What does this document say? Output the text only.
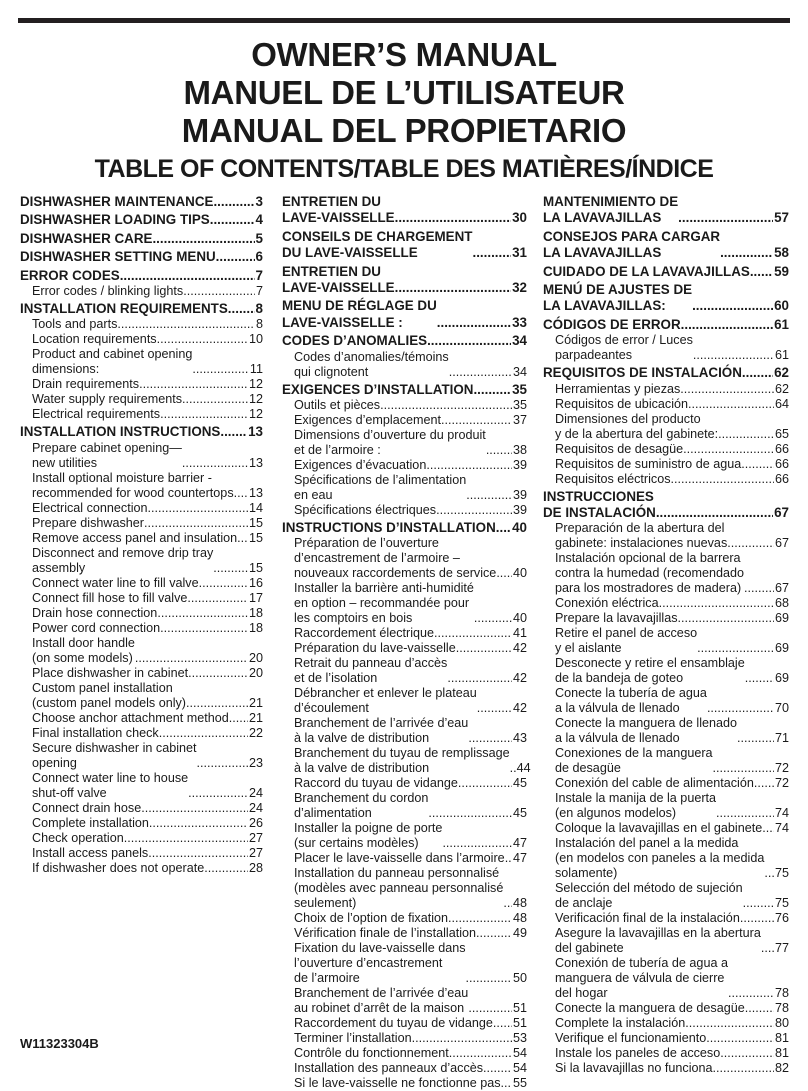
OWNER’S MANUAL
MANUEL DE L’UTILISATEUR
MANUAL DEL PROPIETARIO
TABLE OF CONTENTS/TABLE DES MATIÈRES/ÍNDICE
DISHWASHER MAINTENANCE .....	3
DISHWASHER LOADING TIPS .....	4
DISHWASHER CARE .....	5
DISHWASHER SETTING MENU .....	6
ERROR CODES .....	7
Error codes / blinking lights .....	7
INSTALLATION REQUIREMENTS ..... 8
Tools and parts .....	8
Location requirements .....	10
Product and cabinet opening
dimensions: .....	11
Drain requirements .....	12
Water supply requirements .....	12
Electrical requirements .....	12
INSTALLATION INSTRUCTIONS ..... 13
Prepare cabinet opening—
new utilities .....	13
Install optional moisture barrier -
recommended for wood countertops ..... 13
Electrical connection .....	14
Prepare dishwasher .....	15
Remove access panel and insulation ..... 15
Disconnect and remove drip tray
assembly .....	15
Connect water line to fill valve .....	16
Connect fill hose to fill valve .....	17
Drain hose connection .....	18
Power cord connection .....	18
Install door handle
(on some models) .....	20
Place dishwasher in cabinet .....	20
Custom panel installation
(custom panel models only) .....	21
Choose anchor attachment method ..... 21
Final installation check .....	22
Secure dishwasher in cabinet
opening .....	23
Connect water line to house
shut-off valve .....	24
Connect drain hose .....	24
Complete installation .....	26
Check operation .....	27
Install access panels .....	27
If dishwasher does not operate .....	28
ENTRETIEN DU
LAVE-VAISSELLE .....	30
CONSEILS DE CHARGEMENT
DU LAVE-VAISSELLE .....	31
ENTRETIEN DU
LAVE-VAISSELLE .....	32
MENU DE RÉGLAGE DU
LAVE-VAISSELLE : .....	33
CODES D’ANOMALIES .....	34
Codes d’anomalies/témoins
qui clignotent .....	34
EXIGENCES D’INSTALLATION .....	35
Outils et pièces .....	35
Exigences d’emplacement .....	37
Dimensions d’ouverture du produit
et de l’armoire : .....	38
Exigences d’évacuation .....	39
Spécifications de l’alimentation
en eau .....	39
Spécifications électriques .....	39
INSTRUCTIONS D’INSTALLATION ..... 40
Préparation de l’ouverture
d’encastrement de l’armoire –
nouveaux raccordements de service ..... 40
Installer la barrière anti-humidité
en option – recommandée pour
les comptoirs en bois .....	40
Raccordement électrique .....	41
Préparation du lave-vaisselle .....	42
Retrait du panneau d’accès
et de l’isolation .....	42
Débrancher et enlever le plateau
d’écoulement .....	42
Branchement de l’arrivée d’eau
à la valve de distribution .....	43
Branchement du tuyau de remplissage
à la valve de distribution .....	44
Raccord du tuyau de vidange .....	45
Branchement du cordon
d’alimentation .....	45
Installer la poigne de porte
(sur certains modèles) .....	47
Placer le lave-vaisselle dans l’armoire ..... 47
Installation du panneau personnalisé
(modèles avec panneau personnalisé
seulement) .....	48
Choix de l’option de fixation .....	48
Vérification finale de l’installation .....	49
Fixation du lave-vaisselle dans
l’ouverture d’encastrement
de l’armoire .....	50
Branchement de l’arrivée d’eau
au robinet d’arrêt de la maison .....	51
Raccordement du tuyau de vidange ..... 51
Terminer l’installation .....	53
Contrôle du fonctionnement .....	54
Installation des panneaux d’accès ..... 54
Si le lave-vaisselle ne fonctionne pas ..... 55
MANTENIMIENTO DE
LA LAVAVAJILLAS .....	57
CONSEJOS PARA CARGAR
LA LAVAVAJILLAS .....	58
CUIDADO DE LA LAVAVAJILLAS ..... 59
MENÚ DE AJUSTES DE
LA LAVAVAJILLAS: .....	60
CÓDIGOS DE ERROR .....	61
Códigos de error / Luces
parpadeantes .....	61
REQUISITOS DE INSTALACIÓN ..... 62
Herramientas y piezas .....	62
Requisitos de ubicación .....	64
Dimensiones del producto
y de la abertura del gabinete: .....	65
Requisitos de desagüe .....	66
Requisitos de suministro de agua .....	66
Requisitos eléctricos .....	66
INSTRUCCIONES
DE INSTALACIÓN .....	67
Preparación de la abertura del
gabinete: instalaciones nuevas .....	67
Instalación opcional de la barrera
contra la humedad (recomendado
para los mostradores de madera) .....	67
Conexión eléctrica .....	68
Prepare la lavavajillas .....	69
Retire el panel de acceso
y el aislante .....	69
Desconecte y retire el ensamblaje
de la bandeja de goteo .....	69
Conecte la tubería de agua
a la válvula de llenado .....	70
Conecte la manguera de llenado
a la válvula de llenado .....	71
Conexiones de la manguera
de desagüe .....	72
Conexión del cable de alimentación ..... 72
Instale la manija de la puerta
(en algunos modelos) .....	74
Coloque la lavavajillas en el gabinete ..... 74
Instalación del panel a la medida
(en modelos con paneles a la medida
solamente) .....	75
Selección del método de sujeción
de anclaje .....	75
Verificación final de la instalación .....	76
Asegure la lavavajillas en la abertura
del gabinete .....	77
Conexión de tubería de agua a
manguera de válvula de cierre
del hogar .....	78
Conecte la manguera de desagüe ..... 78
Complete la instalación .....	80
Verifique el funcionamiento .....	81
Instale los paneles de acceso .....	81
Si la lavavajillas no funciona .....	82
W11323304B
